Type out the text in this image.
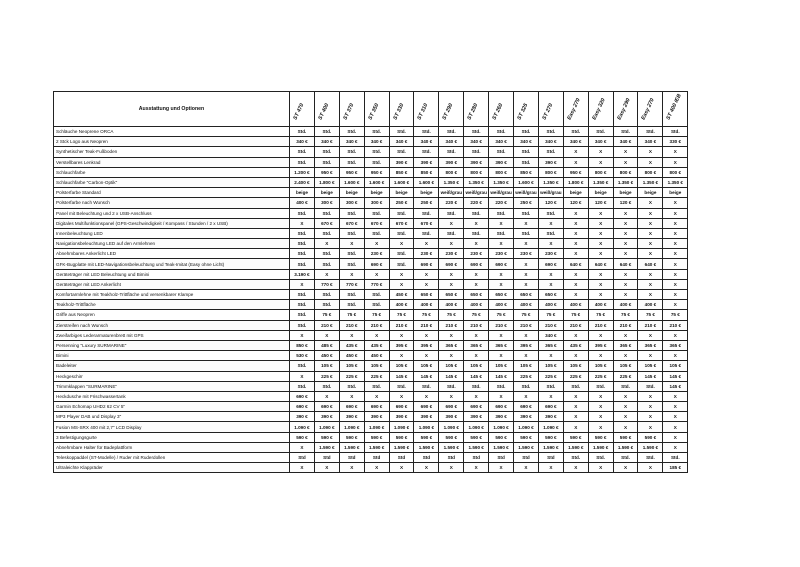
Ausstattung und Optionen	ST 470	ST 400	ST 370	ST 350	ST 330	ST 310	ST 290	ST 280	ST 260	ST 325	ST 270	Easy 270	Easy 320	Easy 290	Easy 270	ST 400 iEB

Schläuche Neoprene ORCA	Std.	Std.	Std.	Std.	Std.	Std.	Std.	Std.	Std.	Std.	Std.	Std.	Std.	Std.	Std.	Std.
2 Stck Logo aus Neopren	340 €	340 €	340 €	340 €	340 €	340 €	340 €	340 €	340 €	340 €	340 €	340 €	340 €	340 €	340 €	330 €
Synthetischer Teak-Fußboden	Std.	Std.	Std.	Std.	Std.	Std.	Std.	Std.	Std.	Std.	Std.	X	X	X	X	X
Verstellbares Lenkrad	Std.	Std.	Std.	Std.	390 €	390 €	390 €	390 €	390 €	Std.	390 €	X	X	X	X	X
Schlauchfarbe	1.200 €	950 €	950 €	950 €	850 €	850 €	800 €	800 €	800 €	850 €	800 €	950 €	800 €	800 €	800 €	800 €
Schlauchfarbe "Carbon-Optik"	2.400 €	1.800 €	1.600 €	1.600 €	1.600 €	1.600 €	1.350 €	1.350 €	1.350 €	1.600 €	1.350 €	1.800 €	1.350 €	1.350 €	1.350 €	1.350 €
Polsterfarbe Standard	beige	beige	beige	beige	beige	beige	weiß/grau	weiß/grau	weiß/grau	weiß/grau	weiß/grau	beige	beige	beige	beige	beige
Polsterfarbe nach Wunsch	400 €	300 €	300 €	300 €	250 €	250 €	220 €	220 €	220 €	250 €	120 €	120 €	120 €	120 €	X	X
Panel mit Beleuchtung und 2 x USB-Anschluss	Std.	Std.	Std.	Std.	Std.	Std.	Std.	Std.	Std.	Std.	Std.	X	X	X	X	X
Digitales Multifunktionspanel (GPS-Geschwindigkeit / Kompass / Stunden / 2 x USB)	X	670 €	670 €	670 €	670 €	670 €	X	X	X	X	X	X	X	X	X	X
Innenbeleuchtung LED	Std.	Std.	Std.	Std.	Std.	Std.	Std.	Std.	Std.	Std.	Std.	X	X	X	X	X
Navigationsbeleuchtung LED auf den Armlehnen	Std.	X	X	X	X	X	X	X	X	X	X	X	X	X	X	X
Abnehmbares Ankerlicht LED	Std.	Std.	Std.	230 €	Std.	230 €	230 €	230 €	230 €	230 €	230 €	X	X	X	X	X
GFK-Bugplatte mit LED-Navigationsbeleuchtung und Teak-Imitat (Easy ohne Licht)	Std.	Std.	Std.	690 €	Std.	690 €	690 €	690 €	690 €	X	690 €	640 €	640 €	640 €	640 €	X
Geräteträger mit LED Beleuchtung und Bimini	3.190 €	X	X	X	X	X	X	X	X	X	X	X	X	X	X	X
Geräteträger mit LED Ankerlicht	X	770 €	770 €	770 €	X	X	X	X	X	X	X	X	X	X	X	X
Komfortarmlehne mit Teakholz-Trittfläche und versenkbarer Klampe	Std.	Std.	Std.	Std.	450 €	650 €	650 €	650 €	650 €	650 €	650 €	X	X	X	X	X
Teakholz-Trittfläche	Std.	Std.	Std.	Std.	400 €	400 €	400 €	400 €	400 €	400 €	400 €	400 €	400 €	400 €	400 €	X
Griffe aus Neopren	Std.	75 €	75 €	75 €	75 €	75 €	75 €	75 €	75 €	75 €	75 €	75 €	75 €	75 €	75 €	75 €
Zierstreifen nach Wunsch	Std.	210 €	210 €	210 €	210 €	210 €	210 €	210 €	210 €	210 €	210 €	210 €	210 €	210 €	210 €	210 €
Zweifarbiges Lederarmaturenbrett mit GPS	X	X	X	X	X	X	X	X	X	X	340 €	X	X	X	X	X
Persenning "Luxury SURMARINE"	850 €	485 €	435 €	435 €	395 €	395 €	365 €	365 €	365 €	395 €	365 €	435 €	395 €	365 €	365 €	365 €
Bimini	530 €	450 €	450 €	450 €	X	X	X	X	X	X	X	X	X	X	X	X
Badeleiter	Std.	105 €	105 €	105 €	105 €	105 €	105 €	105 €	105 €	105 €	105 €	105 €	105 €	105 €	105 €	105 €
Heckgeschirr	X	225 €	225 €	225 €	145 €	145 €	145 €	145 €	145 €	225 €	225 €	225 €	225 €	225 €	145 €	145 €
Trimmklappen "SURMARINE"	Std.	Std.	Std.	Std.	Std.	Std.	Std.	Std.	Std.	Std.	Std.	Std.	Std.	Std.	Std.	145 €
Heckdusche mit Frischwassertank	690 €	X	X	X	X	X	X	X	X	X	X	X	X	X	X	X
Garmin Echomap UHD2 62 CV 5"	690 €	690 €	690 €	690 €	690 €	690 €	690 €	690 €	690 €	690 €	690 €	X	X	X	X	X
MP3 Player DAB und Display 3"	390 €	390 €	390 €	390 €	390 €	390 €	390 €	390 €	390 €	390 €	390 €	X	X	X	X	X
Fusion MS-SRX 400 mit 2,7" LCD Display	1.090 €	1.090 €	1.090 €	1.090 €	1.090 €	1.090 €	1.090 €	1.090 €	1.090 €	1.090 €	1.090 €	X	X	X	X	X
3 Befestigungsgurte	590 €	590 €	590 €	590 €	590 €	590 €	590 €	590 €	590 €	590 €	590 €	590 €	590 €	590 €	590 €	X
Abnehmbare Halter für Badeplattform	X	1.590 €	1.590 €	1.590 €	1.590 €	1.590 €	1.590 €	1.590 €	1.590 €	1.590 €	1.590 €	1.590 €	1.590 €	1.590 €	1.590 €	X
Teleskoppaddel (ST-Modelle) / Ruder mit Ruderdollen	Std	Std	Std	Std	Std	Std	Std	Std	Std	Std	Std	Std.	Std.	Std.	Std.	Std.
Ultraleichte Klappräder	X	X	X	X	X	X	X	X	X	X	X	X	X	X	X	185 €
